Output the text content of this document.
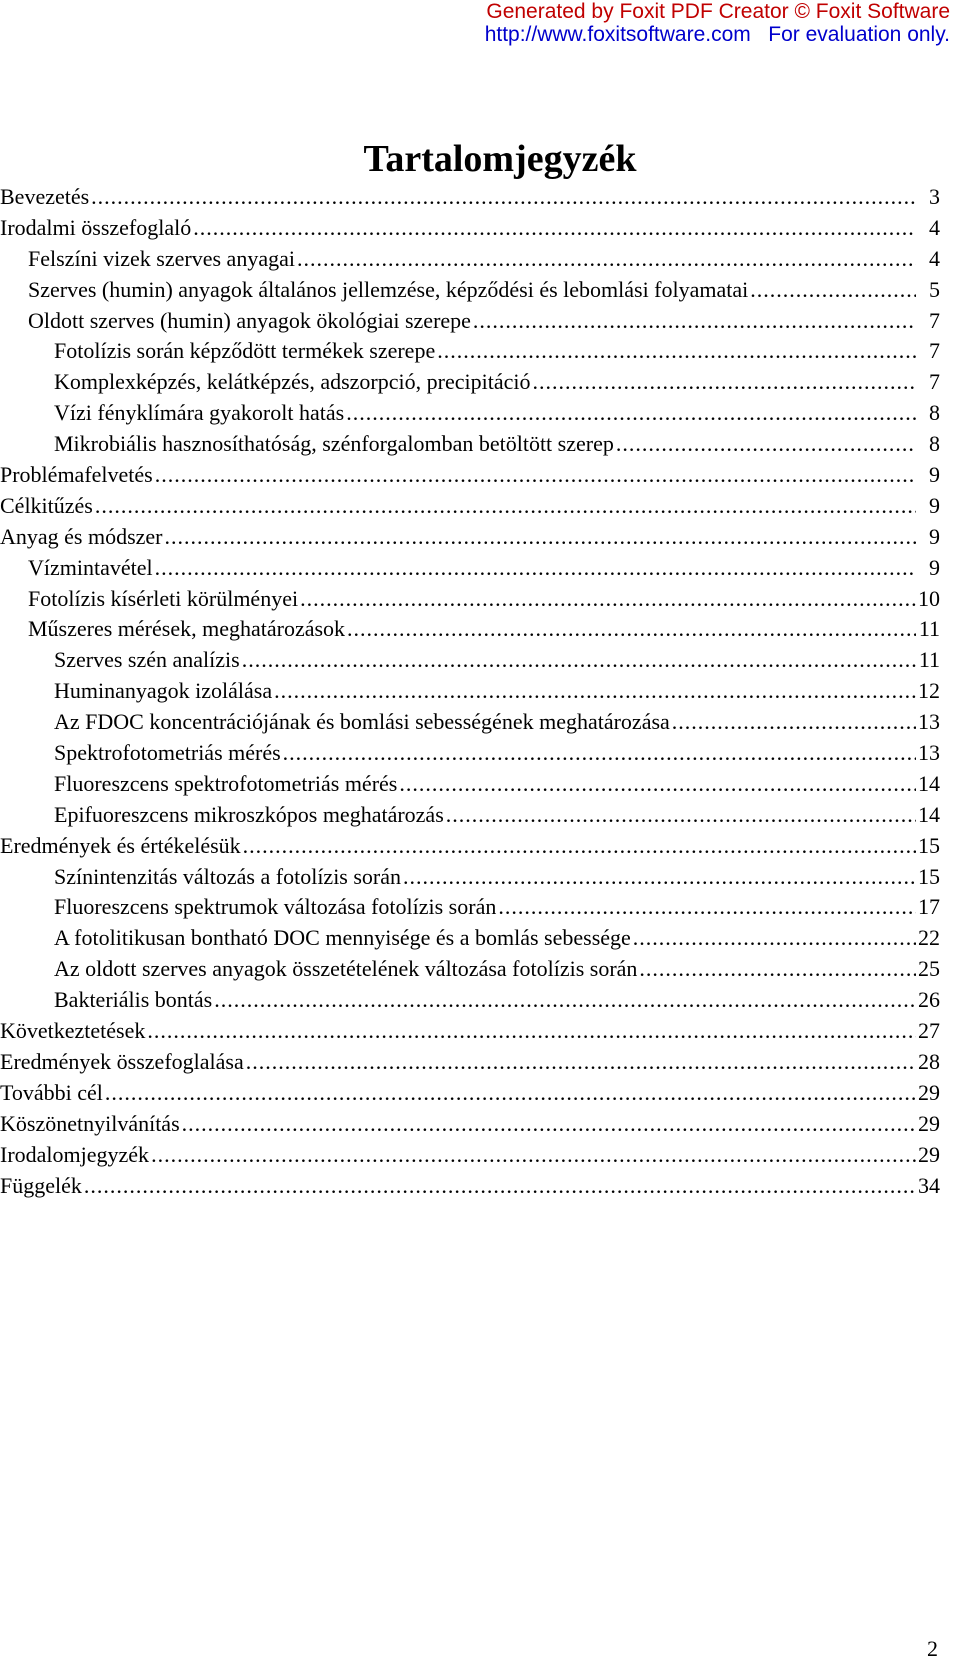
Generated by Foxit PDF Creator © Foxit Software
http://www.foxitsoftware.com   For evaluation only.
Tartalomjegyzék
Bevezetés .....	3
Irodalmi összefoglaló .....	4
Felszíni vizek szerves anyagai .....	4
Szerves (humin) anyagok általános jellemzése, képződési és lebomlási folyamatai .....	5
Oldott szerves (humin) anyagok ökológiai szerepe .....	7
Fotolízis során képződött termékek szerepe .....	7
Komplexképzés, kelátképzés, adszorpció, precipitáció .....	7
Vízi fényklímára gyakorolt hatás .....	8
Mikrobiális hasznosíthatóság, szénforgalomban betöltött szerep .....	8
Problémafelvetés .....	9
Célkitűzés .....	9
Anyag és módszer .....	9
Vízmintavétel .....	9
Fotolízis kísérleti körülményei .....	10
Műszeres mérések, meghatározások .....	11
Szerves szén analízis .....	11
Huminanyagok izolálása .....	12
Az FDOC koncentrációjának és bomlási sebességének meghatározása .....	13
Spektrofotometriás mérés .....	13
Fluoreszcens spektrofotometriás mérés .....	14
Epifuoreszcens mikroszkópos meghatározás .....	14
Eredmények és értékelésük .....	15
Színintenzitás változás a fotolízis során .....	15
Fluoreszcens spektrumok változása fotolízis során .....	17
A fotolitikusan bontható DOC mennyisége és a bomlás sebessége .....	22
Az oldott szerves anyagok összetételének változása fotolízis során .....	25
Bakteriális bontás .....	26
Következtetések .....	27
Eredmények összefoglalása .....	28
További cél .....	29
Köszönetnyilvánítás .....	29
Irodalomjegyzék .....	29
Függelék .....	34
2
